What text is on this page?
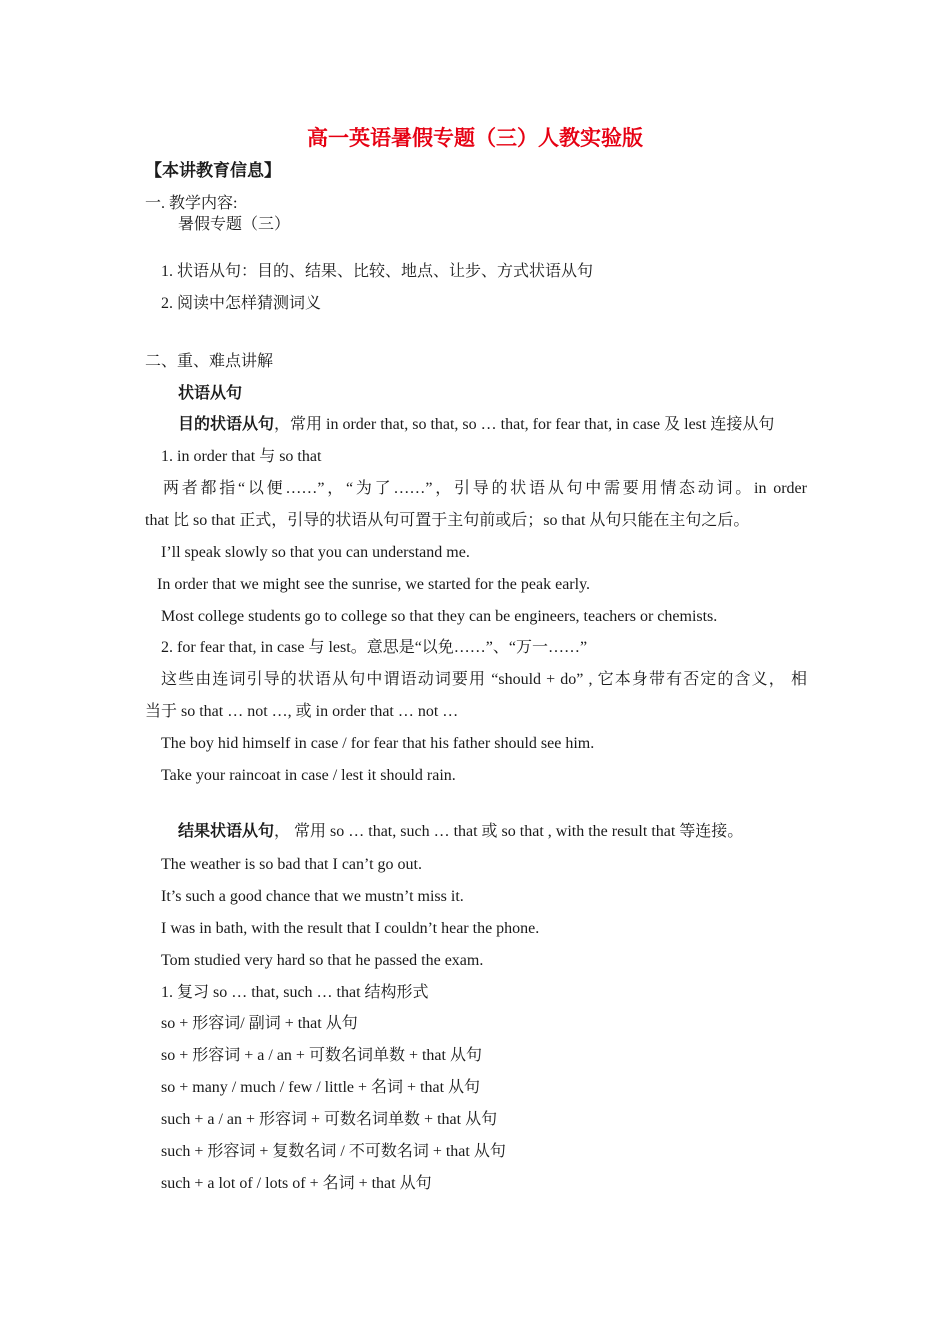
高一英语暑假专题（三）人教实验版
【本讲教育信息】
一. 教学内容:
暑假专题（三）
1. 状语从句：目的、结果、比较、地点、让步、方式状语从句
2. 阅读中怎样猜测词义
二、重、难点讲解
状语从句
目的状语从句，常用 in order that, so that, so … that, for fear that, in case 及 lest 连接从句
1. in order that 与 so that
两者都指“以便……”，“为了……”，引导的状语从句中需要用情态动词。in order
that 比 so that 正式，引导的状语从句可置于主句前或后；so that 从句只能在主句之后。
I’ll speak slowly so that you can understand me.
In order that we might see the sunrise, we started for the peak early.
Most college students go to college so that they can be engineers, teachers or chemists.
2. for fear that, in case 与 lest。意思是“以免……”、“万一……”
这些由连词引导的状语从句中谓语动词要用 “should + do” , 它本身带有否定的含义， 相
当于 so that … not …, 或 in order that … not …
The boy hid himself in case / for fear that his father should see him.
Take your raincoat in case / lest it should rain.
结果状语从句， 常用 so … that, such … that 或 so that , with the result that 等连接。
The weather is so bad that I can’t go out.
It’s such a good chance that we mustn’t miss it.
I was in bath, with the result that I couldn’t hear the phone.
Tom studied very hard so that he passed the exam.
1. 复习 so … that, such … that 结构形式
so + 形容词/ 副词 + that 从句
so + 形容词 + a / an + 可数名词单数 + that 从句
so + many / much / few / little + 名词 + that 从句
such + a / an + 形容词 + 可数名词单数 + that 从句
such + 形容词 + 复数名词 / 不可数名词 + that 从句
such + a lot of / lots of + 名词 + that 从句
